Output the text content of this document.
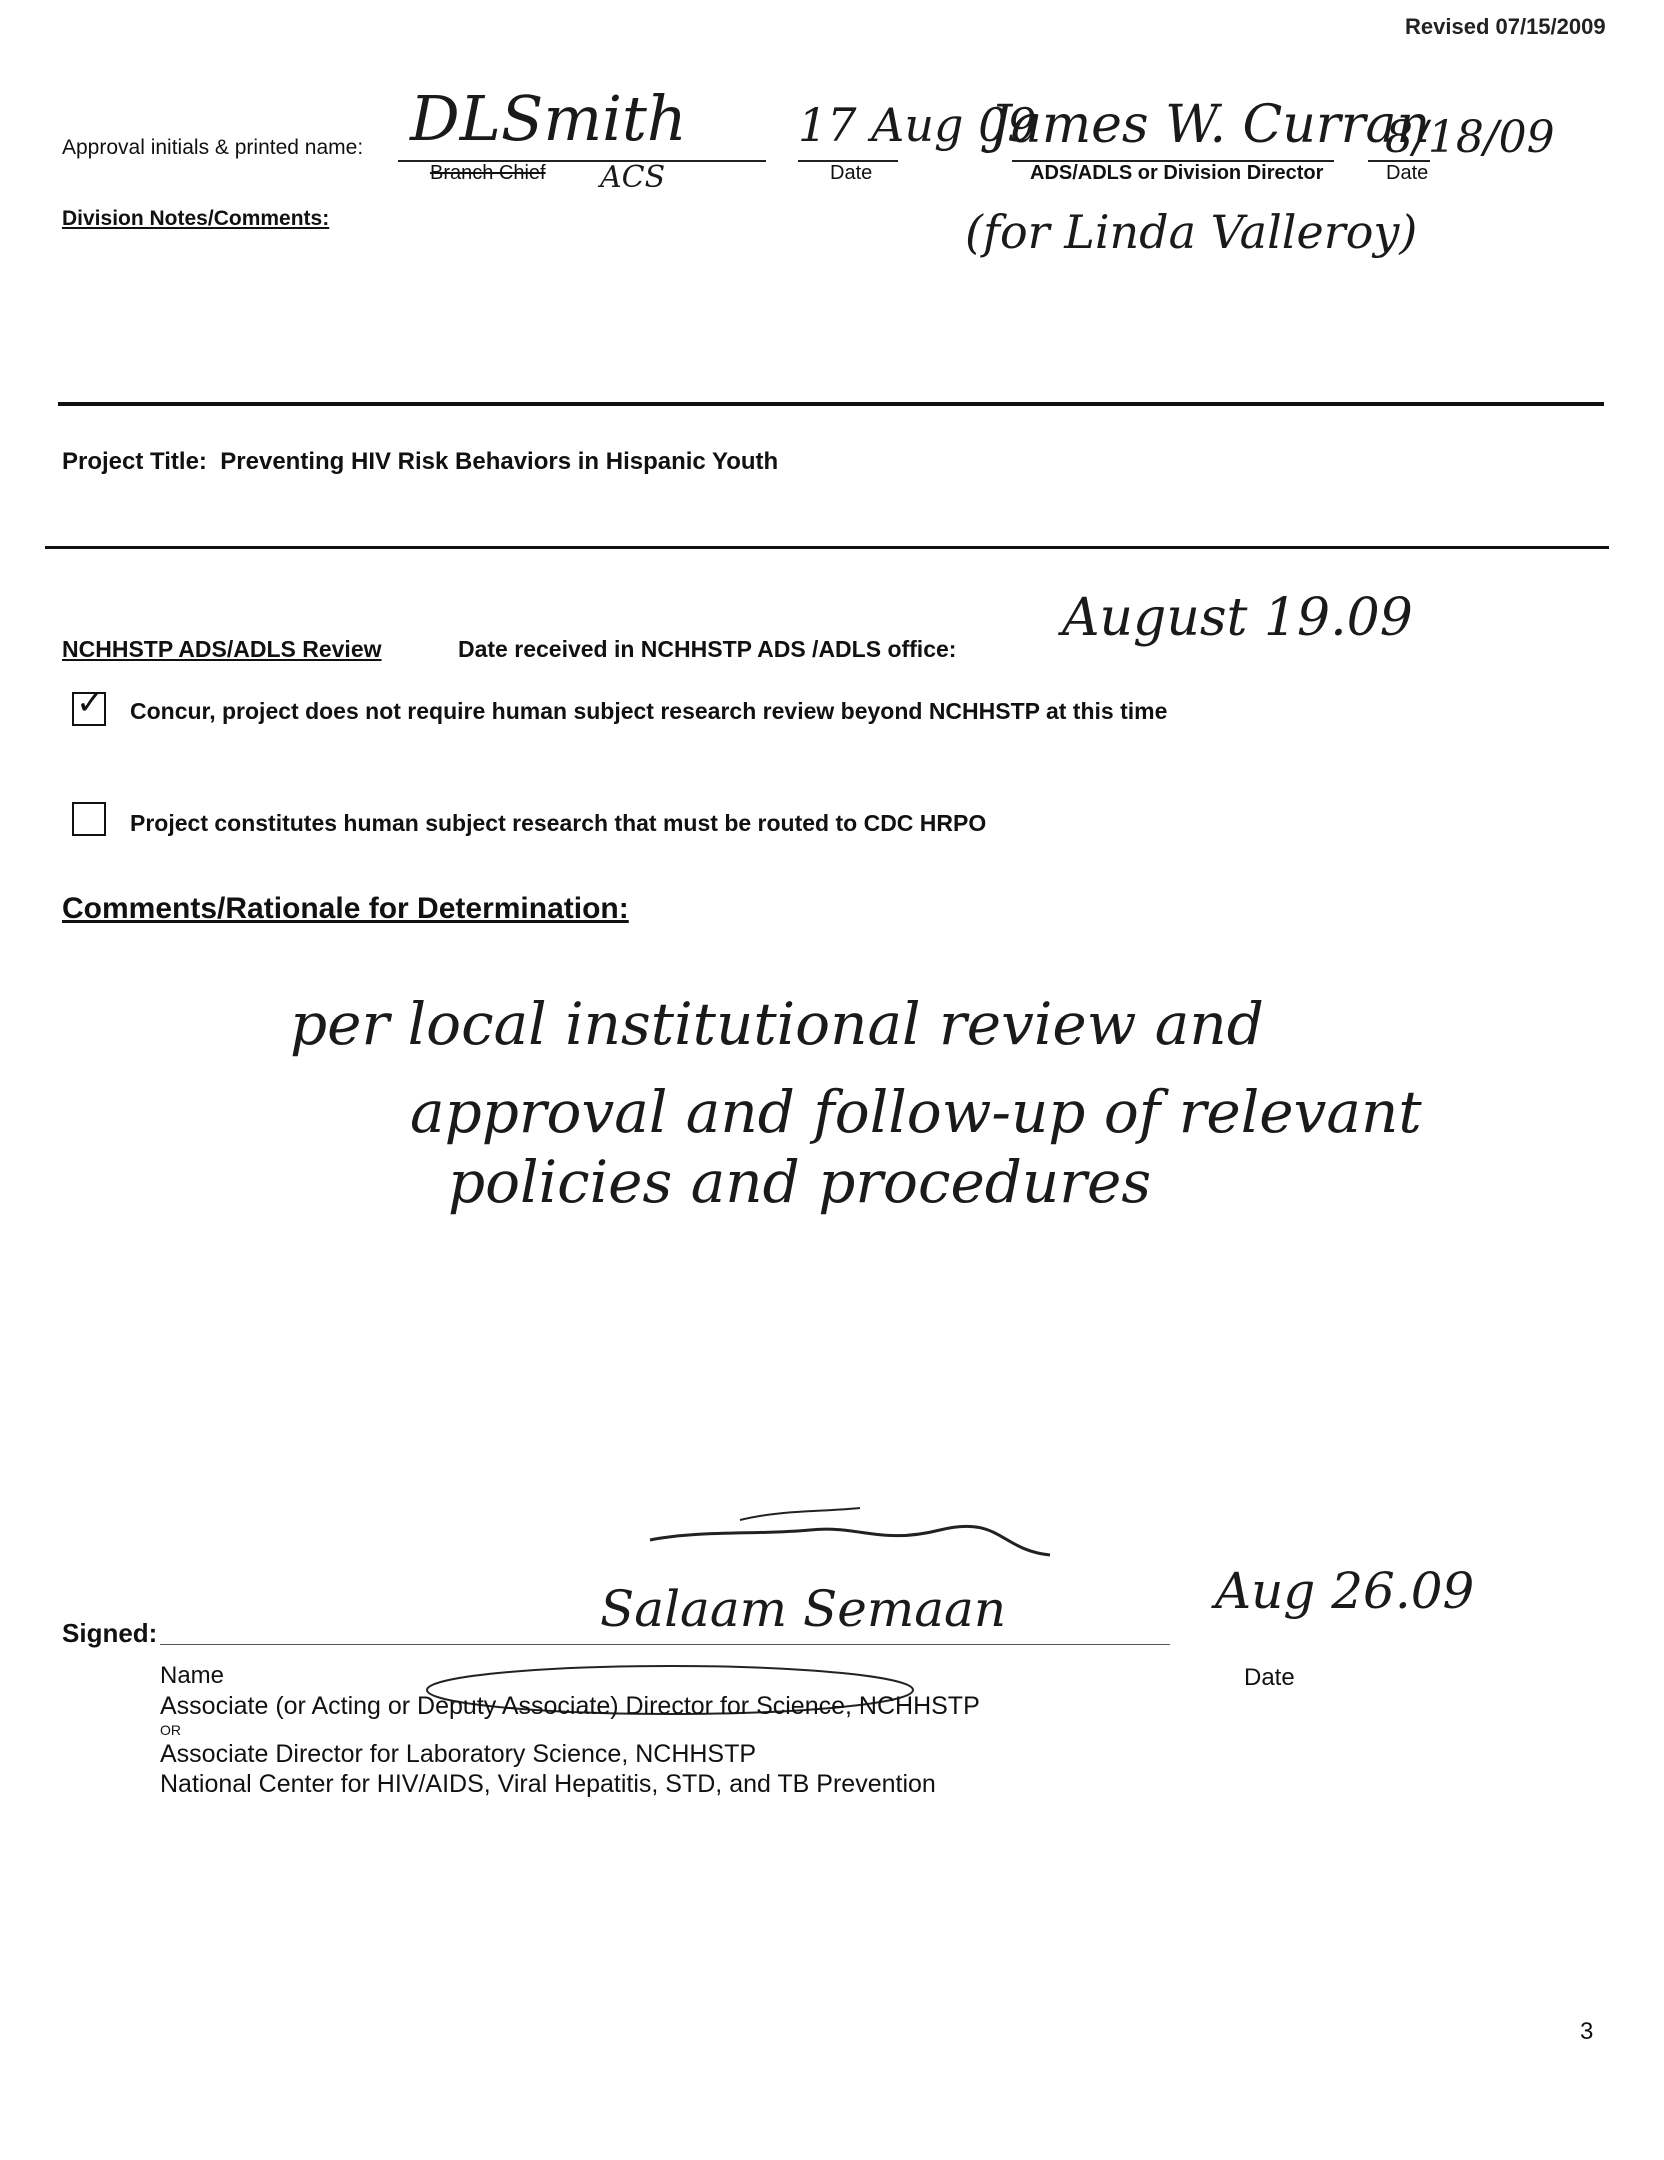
Revised 07/15/2009
Approval initials & printed name: DLSmith
Branch Chief ACS
17 Aug 09
Date
James W. Curran
ADS/ADLS or Division Director
8/18/09
Date
(for Linda Valleroy)
Division Notes/Comments:
Project Title: Preventing HIV Risk Behaviors in Hispanic Youth
NCHHSTP ADS/ADLS Review	Date received in NCHHSTP ADS /ADLS office:
August 19.09
✓ Concur, project does not require human subject research review beyond NCHHSTP at this time
Project constitutes human subject research that must be routed to CDC HRPO
Comments/Rationale for Determination:
per local institutional review and
approval and follow-up of relevant
policies and procedures
Salaam Semaan	Aug 26.09
Signed:
Name	Date
Associate (or Acting or Deputy Associate) Director for Science, NCHHSTP
OR
Associate Director for Laboratory Science, NCHHSTP
National Center for HIV/AIDS, Viral Hepatitis, STD, and TB Prevention
3
